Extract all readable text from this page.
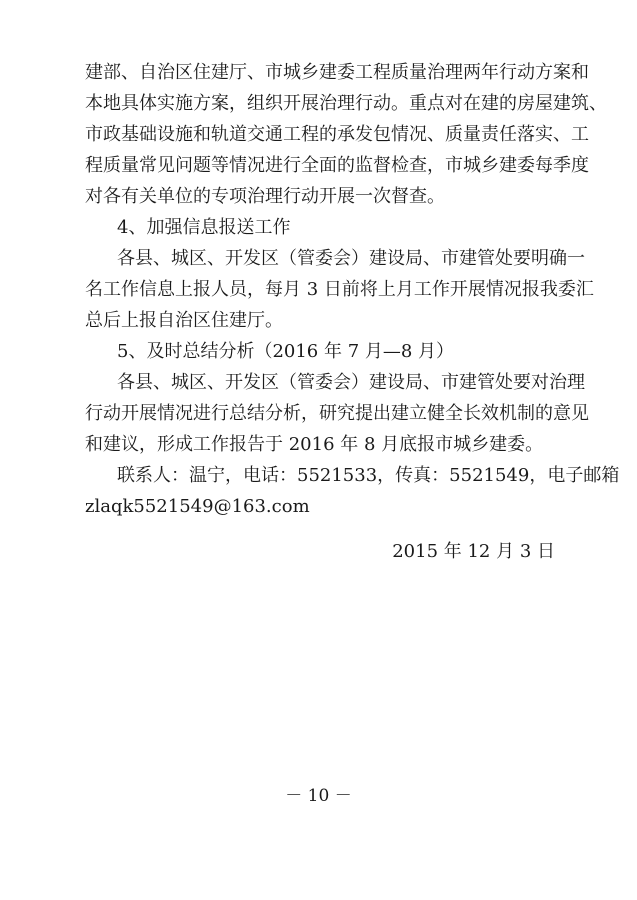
建部、自治区住建厅、市城乡建委工程质量治理两年行动方案和
本地具体实施方案，组织开展治理行动。重点对在建的房屋建筑、
市政基础设施和轨道交通工程的承发包情况、质量责任落实、工
程质量常见问题等情况进行全面的监督检查，市城乡建委每季度
对各有关单位的专项治理行动开展一次督查。
4、加强信息报送工作
各县、城区、开发区（管委会）建设局、市建管处要明确一
名工作信息上报人员，每月 3 日前将上月工作开展情况报我委汇
总后上报自治区住建厅。
5、及时总结分析（2016 年 7 月—8 月）
各县、城区、开发区（管委会）建设局、市建管处要对治理
行动开展情况进行总结分析，研究提出建立健全长效机制的意见
和建议，形成工作报告于 2016 年 8 月底报市城乡建委。
联系人：温宁，电话：5521533，传真：5521549，电子邮箱
zlaqk5521549@163.com
2015 年 12 月 3 日
－ 10 －
